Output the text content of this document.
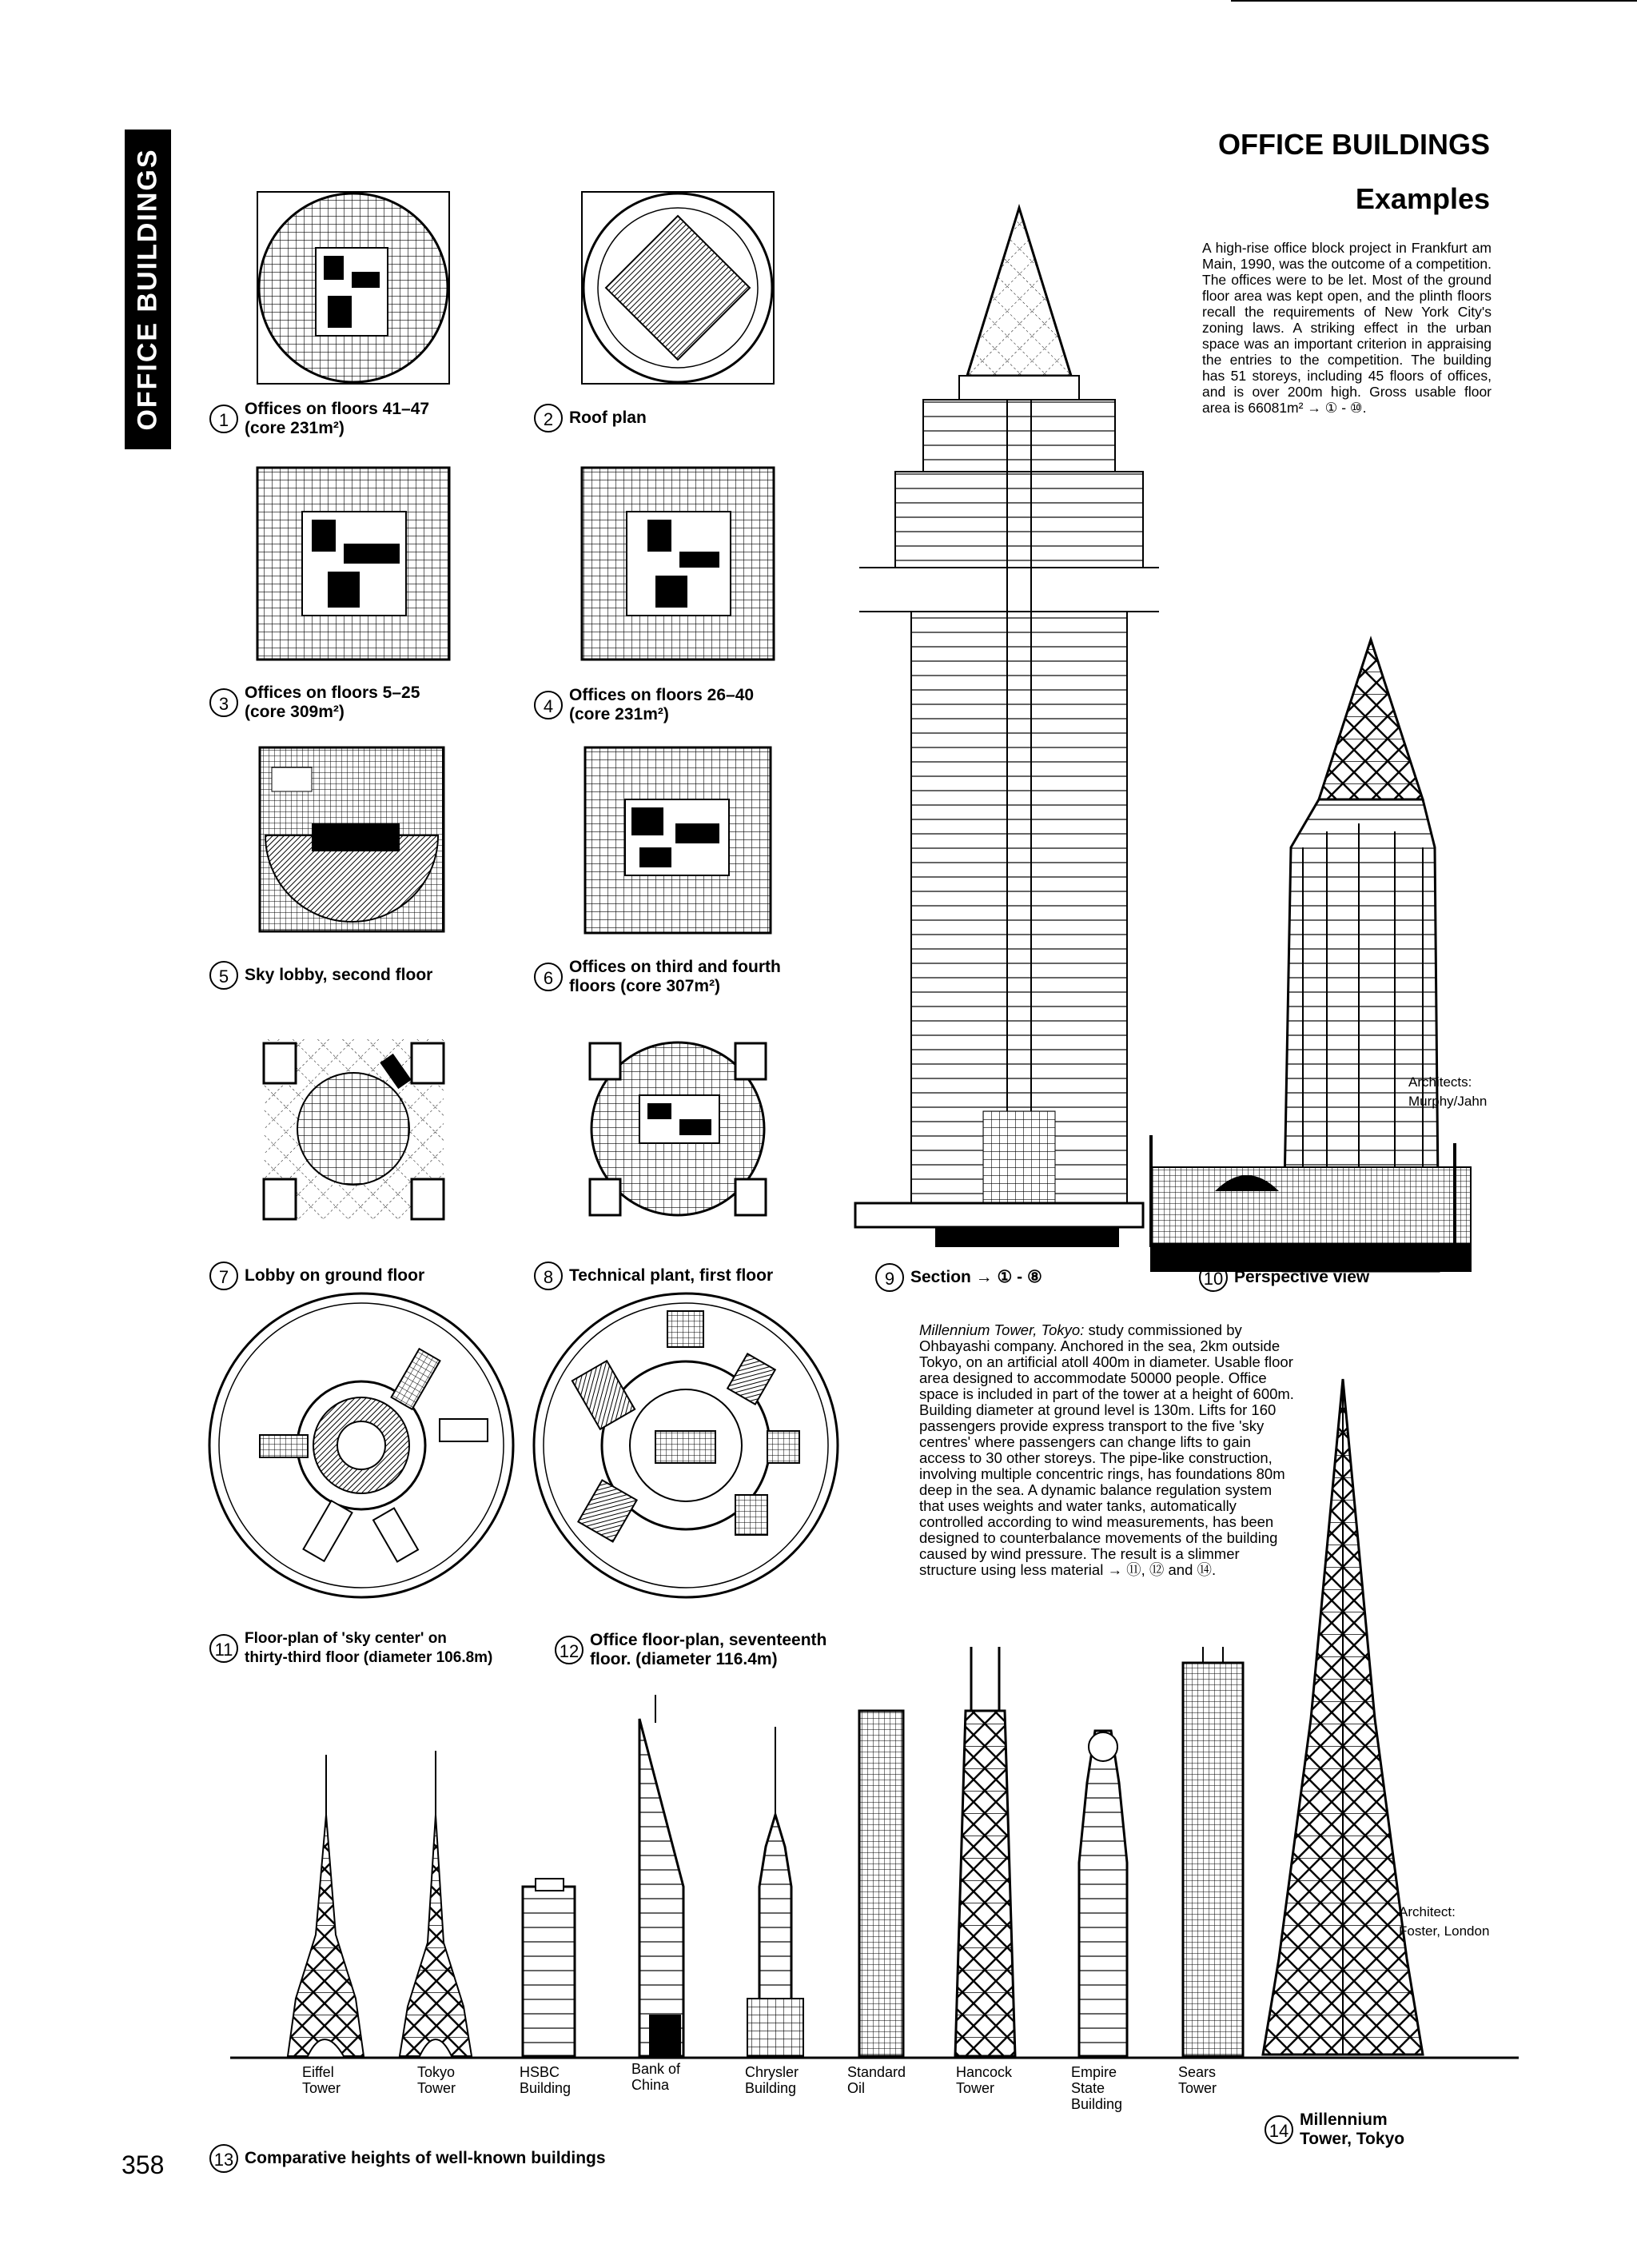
OFFICE BUILDINGS
OFFICE BUILDINGS
Examples
A high-rise office block project in Frankfurt am Main, 1990, was the outcome of a competition. The offices were to be let. Most of the ground floor area was kept open, and the plinth floors recall the requirements of New York City's zoning laws. A striking effect in the urban space was an important criterion in appraising the entries to the competition. The building has 51 storeys, including 45 floors of offices, and is over 200m high. Gross usable floor area is 66081m² → ① - ⑩.
1
Offices on floors 41–47
(core 231m²)	2 Roof plan
3
Offices on floors 5–25
(core 309m²)	4
Offices on floors 26–40
(core 231m²)
5 Sky lobby, second floor	6
Offices on third and fourth
floors (core 307m²)
7 Lobby on ground floor	8 Technical plant, first floor	9 Section → ① - ⑧	10 Perspective view
11
Floor-plan of 'sky center' on
thirty-third floor (diameter 106.8m)	12
Office floor-plan, seventeenth
floor. (diameter 116.4m)
13 Comparative heights of well-known buildings
14
Millennium
Tower, Tokyo
Architects:
Murphy/Jahn
Architect:
Foster, London
Millennium Tower, Tokyo: study commissioned by Ohbayashi company. Anchored in the sea, 2km outside Tokyo, on an artificial atoll 400m in diameter. Usable floor area designed to accommodate 50000 people. Office space is included in part of the tower at a height of 600m. Building diameter at ground level is 130m. Lifts for 160 passengers provide express transport to the five 'sky centres' where passengers can change lifts to gain access to 30 other storeys. The pipe-like construction, involving multiple concentric rings, has foundations 80m deep in the sea. A dynamic balance regulation system that uses weights and water tanks, automatically controlled according to wind measurements, has been designed to counterbalance movements of the building caused by wind pressure. The result is a slimmer structure using less material → ⑪, ⑫ and ⑭.
Eiffel
Tower
Tokyo
Tower
HSBC
Building
Bank of
China
Chrysler
Building
Standard
Oil
Hancock
Tower
Empire
State
Building
Sears
Tower
358
